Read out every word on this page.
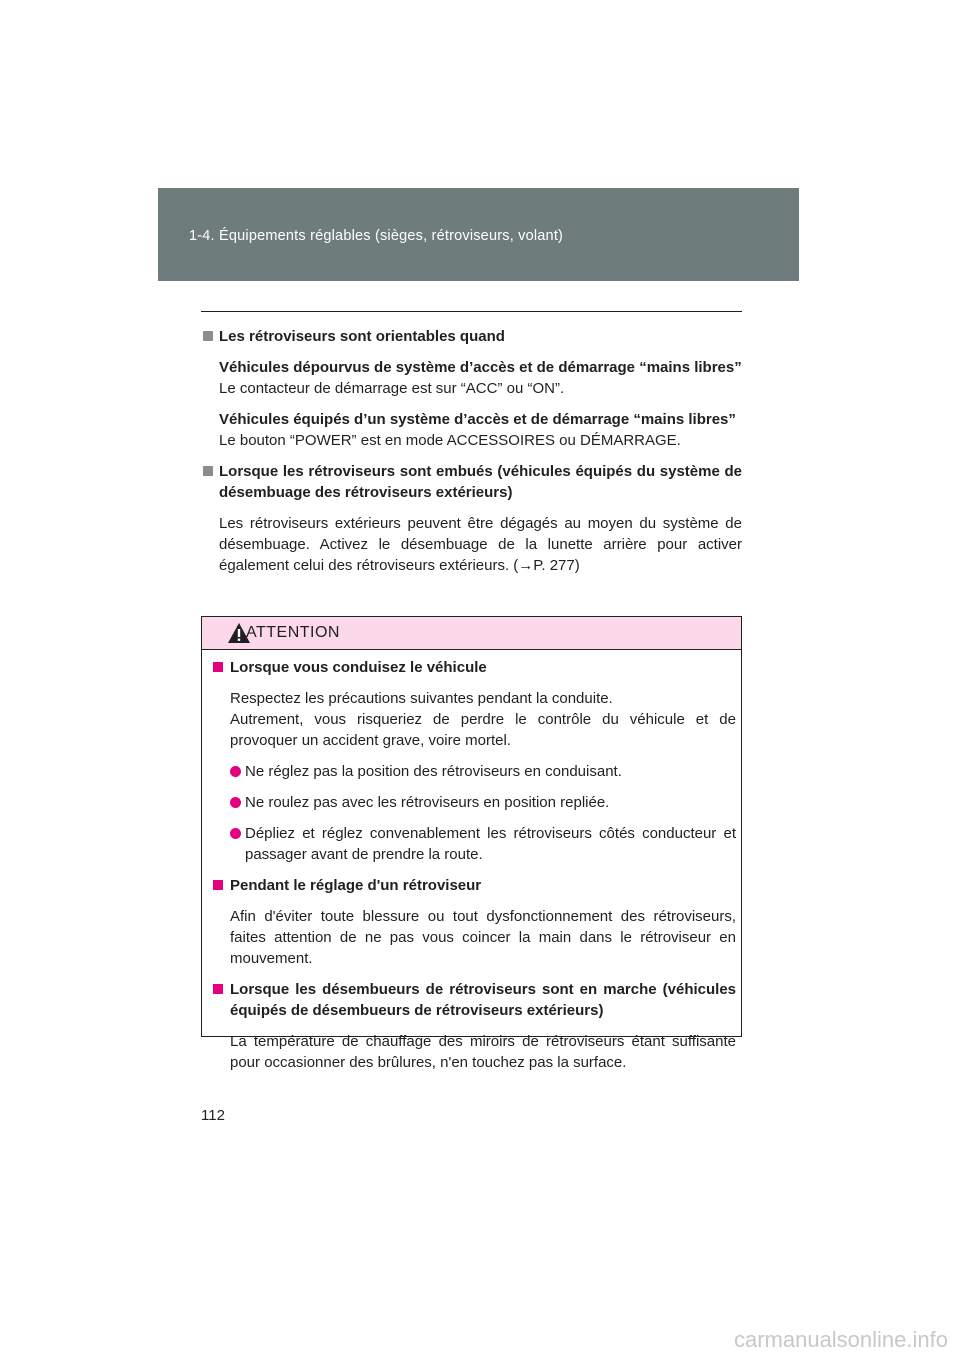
1-4. Équipements réglables (sièges, rétroviseurs, volant)
Les rétroviseurs sont orientables quand
Véhicules dépourvus de système d’accès et de démarrage “mains libres”
Le contacteur de démarrage est sur “ACC” ou “ON”.
Véhicules équipés d’un système d’accès et de démarrage “mains libres”
Le bouton “POWER” est en mode ACCESSOIRES ou DÉMARRAGE.
Lorsque les rétroviseurs sont embués (véhicules équipés du système de désembuage des rétroviseurs extérieurs)
Les rétroviseurs extérieurs peuvent être dégagés au moyen du système de désembuage. Activez le désembuage de la lunette arrière pour activer également celui des rétroviseurs extérieurs. (→P. 277)
ATTENTION
Lorsque vous conduisez le véhicule
Respectez les précautions suivantes pendant la conduite.
Autrement, vous risqueriez de perdre le contrôle du véhicule et de provoquer un accident grave, voire mortel.
Ne réglez pas la position des rétroviseurs en conduisant.
Ne roulez pas avec les rétroviseurs en position repliée.
Dépliez et réglez convenablement les rétroviseurs côtés conducteur et passager avant de prendre la route.
Pendant le réglage d'un rétroviseur
Afin d'éviter toute blessure ou tout dysfonctionnement des rétroviseurs, faites attention de ne pas vous coincer la main dans le rétroviseur en mouvement.
Lorsque les désembueurs de rétroviseurs sont en marche (véhicules équipés de désembueurs de rétroviseurs extérieurs)
La température de chauffage des miroirs de rétroviseurs étant suffisante pour occasionner des brûlures, n'en touchez pas la surface.
112
carmanualsonline.info
